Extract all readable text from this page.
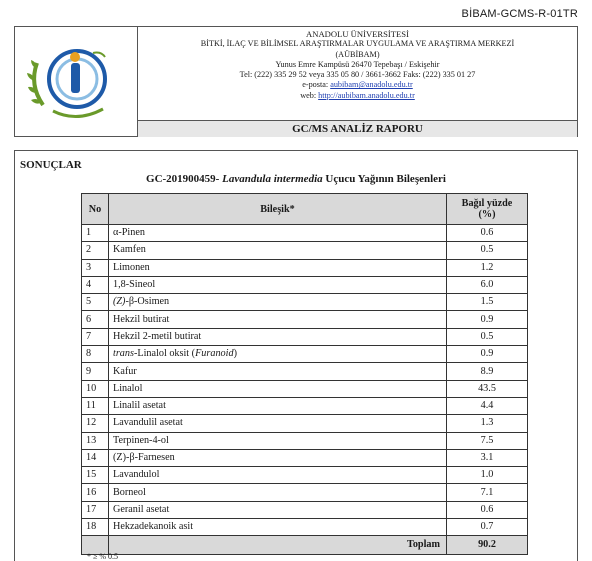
BİBAM-GCMS-R-01TR
ANADOLU ÜNİVERSİTESİ
BİTKİ, İLAÇ VE BİLİMSEL ARAŞTIRMALAR UYGULAMA VE ARAŞTIRMA MERKEZİ
(AÜBİBAM)
Yunus Emre Kampüsü 26470 Tepebaşı / Eskişehir
Tel: (222) 335 29 52 veya 335 05 80 / 3661-3662 Faks: (222) 335 01 27
e-posta: aubibam@anadolu.edu.tr
web: http://aubibam.anadolu.edu.tr
GC/MS ANALİZ RAPORU
SONUÇLAR
GC-201900459- Lavandula intermedia Uçucu Yağının Bileşenleri
No	Bileşik*	Bağıl yüzde
(%)
1	α-Pinen	0.6
2	Kamfen	0.5
3	Limonen	1.2
4	1,8-Sineol	6.0
5	(Z)-β-Osimen	1.5
6	Hekzil butirat	0.9
7	Hekzil 2-metil butirat	0.5
8	trans-Linalol oksit (Furanoid)	0.9
9	Kafur	8.9
10	Linalol	43.5
11	Linalil asetat	4.4
12	Lavandulil asetat	1.3
13	Terpinen-4-ol	7.5
14	(Z)-β-Farnesen	3.1
15	Lavandulol	1.0
16	Borneol	7.1
17	Geranil asetat	0.6
18	Hekzadekanoik asit	0.7
	Toplam	90.2
* ≥ % 0.5
